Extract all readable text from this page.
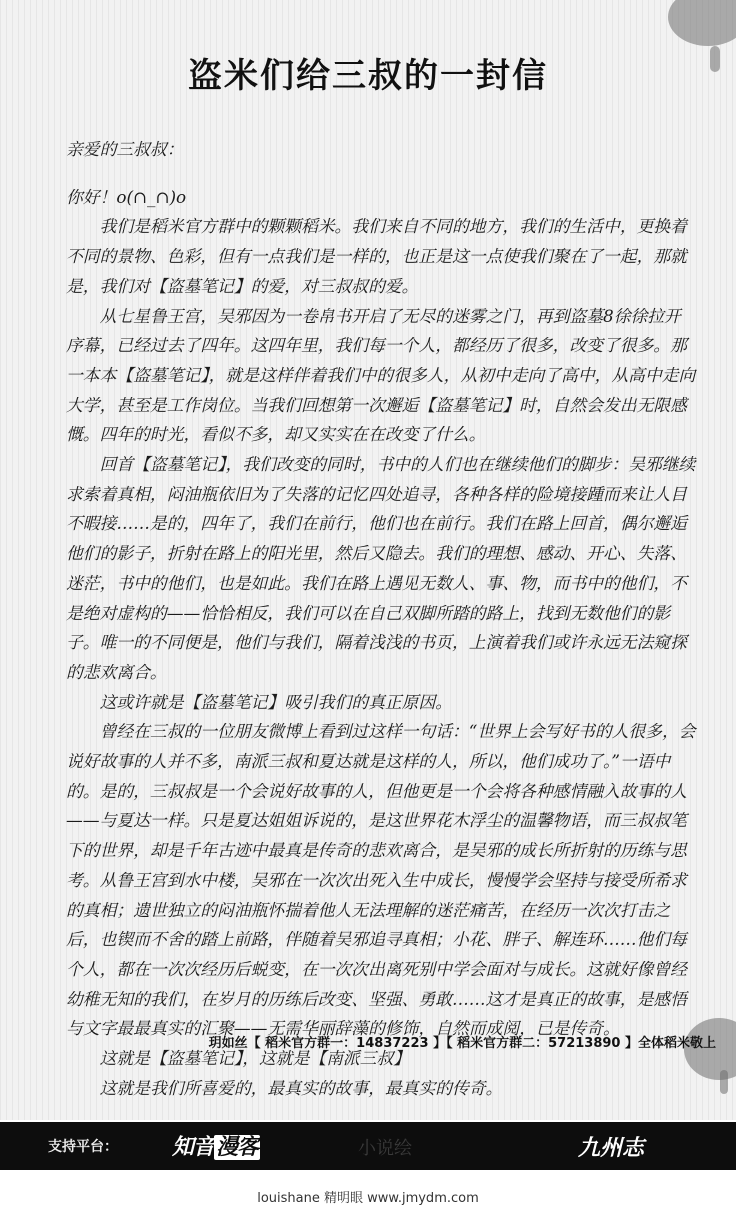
盗米们给三叔的一封信

亲爱的三叔叔：

你好！ο(∩_∩)ο

我们是稻米官方群中的颗颗稻米。我们来自不同的地方，我们的生活中，更换着不同的景物、色彩，但有一点我们是一样的，也正是这一点使我们聚在了一起，那就是，我们对【盗墓笔记】的爱，对三叔叔的爱。

从七星鲁王宫，吴邪因为一卷帛书开启了无尽的迷雾之门，再到盗墓8徐徐拉开序幕，已经过去了四年。这四年里，我们每一个人，都经历了很多，改变了很多。那一本本【盗墓笔记】，就是这样伴着我们中的很多人，从初中走向了高中，从高中走向大学，甚至是工作岗位。当我们回想第一次邂逅【盗墓笔记】时，自然会发出无限感慨。四年的时光，看似不多，却又实实在在改变了什么。

回首【盗墓笔记】，我们改变的同时，书中的人们也在继续他们的脚步：吴邪继续求索着真相，闷油瓶依旧为了失落的记忆四处追寻，各种各样的险境接踵而来让人目不暇接……是的，四年了，我们在前行，他们也在前行。我们在路上回首，偶尔邂逅他们的影子，折射在路上的阳光里，然后又隐去。我们的理想、感动、开心、失落、迷茫，书中的他们，也是如此。我们在路上遇见无数人、事、物，而书中的他们，不是绝对虚构的——恰恰相反，我们可以在自己双脚所踏的路上，找到无数他们的影子。唯一的不同便是，他们与我们，隔着浅浅的书页，上演着我们或许永远无法窥探的悲欢离合。

这或许就是【盗墓笔记】吸引我们的真正原因。

曾经在三叔的一位朋友微博上看到过这样一句话：“世界上会写好书的人很多，会说好故事的人并不多，南派三叔和夏达就是这样的人，所以，他们成功了。”一语中的。是的，三叔叔是一个会说好故事的人，但他更是一个会将各种感情融入故事的人——与夏达一样。只是夏达姐姐诉说的，是这世界花木浮尘的温馨物语，而三叔叔笔下的世界，却是千年古迹中最真是传奇的悲欢离合，是吴邪的成长所折射的历练与思考。从鲁王宫到水中楼，吴邪在一次次出死入生中成长，慢慢学会坚持与接受所希求的真相；遗世独立的闷油瓶怀揣着他人无法理解的迷茫痛苦，在经历一次次打击之后，也锲而不舍的踏上前路，伴随着吴邪追寻真相；小花、胖子、解连环……他们每个人，都在一次次经历后蜕变，在一次次出离死别中学会面对与成长。这就好像曾经幼稚无知的我们，在岁月的历练后改变、坚强、勇敢……这才是真正的故事，是感悟与文字最最真实的汇聚——无需华丽辞藻的修饰，自然而成阅，已是传奇。

这就是【盗墓笔记】，这就是【南派三叔】

这就是我们所喜爱的，最真实的故事，最真实的传奇。

玥如丝【 稻米官方群一：14837223 】【 稻米官方群二：57213890 】全体稻米敬上
支持平台： 知音漫客	小说绘	九州志
louishane 精明眼 www.jmydm.com
